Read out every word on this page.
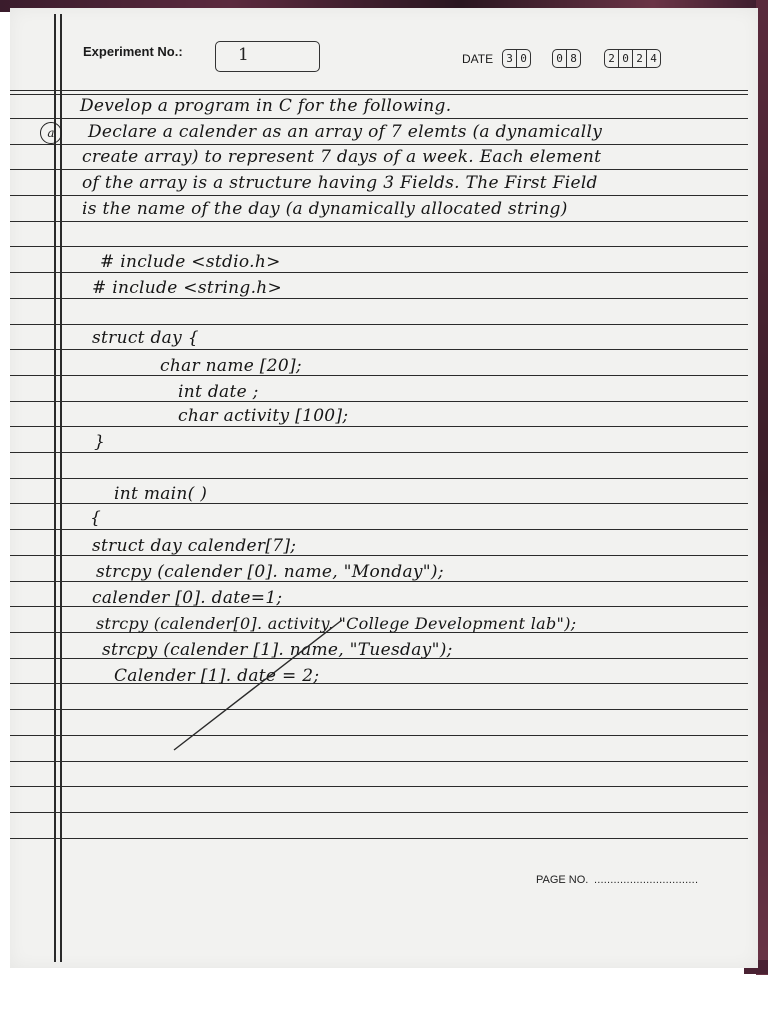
Experiment No.:	1	DATE 3 0	0 8	2 0 2 4
a
Develop a program in C for the following.
Declare a calender as an array of 7 elemts (a dynamically
create array) to represent 7 days of a week. Each element
of the array is a structure having 3 Fields. The First Field
is the name of the day (a dynamically allocated string)
# include <stdio.h>
# include <string.h>
struct day {
char name [20];
int date ;
char activity [100];
}
int main( )
{
struct day calender[7];
strcpy (calender [0]. name, "Monday");
calender [0]. date=1;
strcpy (calender[0]. activity, "College Development lab");
strcpy (calender [1]. name, "Tuesday");
Calender [1]. date = 2;
PAGE NO. ................................
